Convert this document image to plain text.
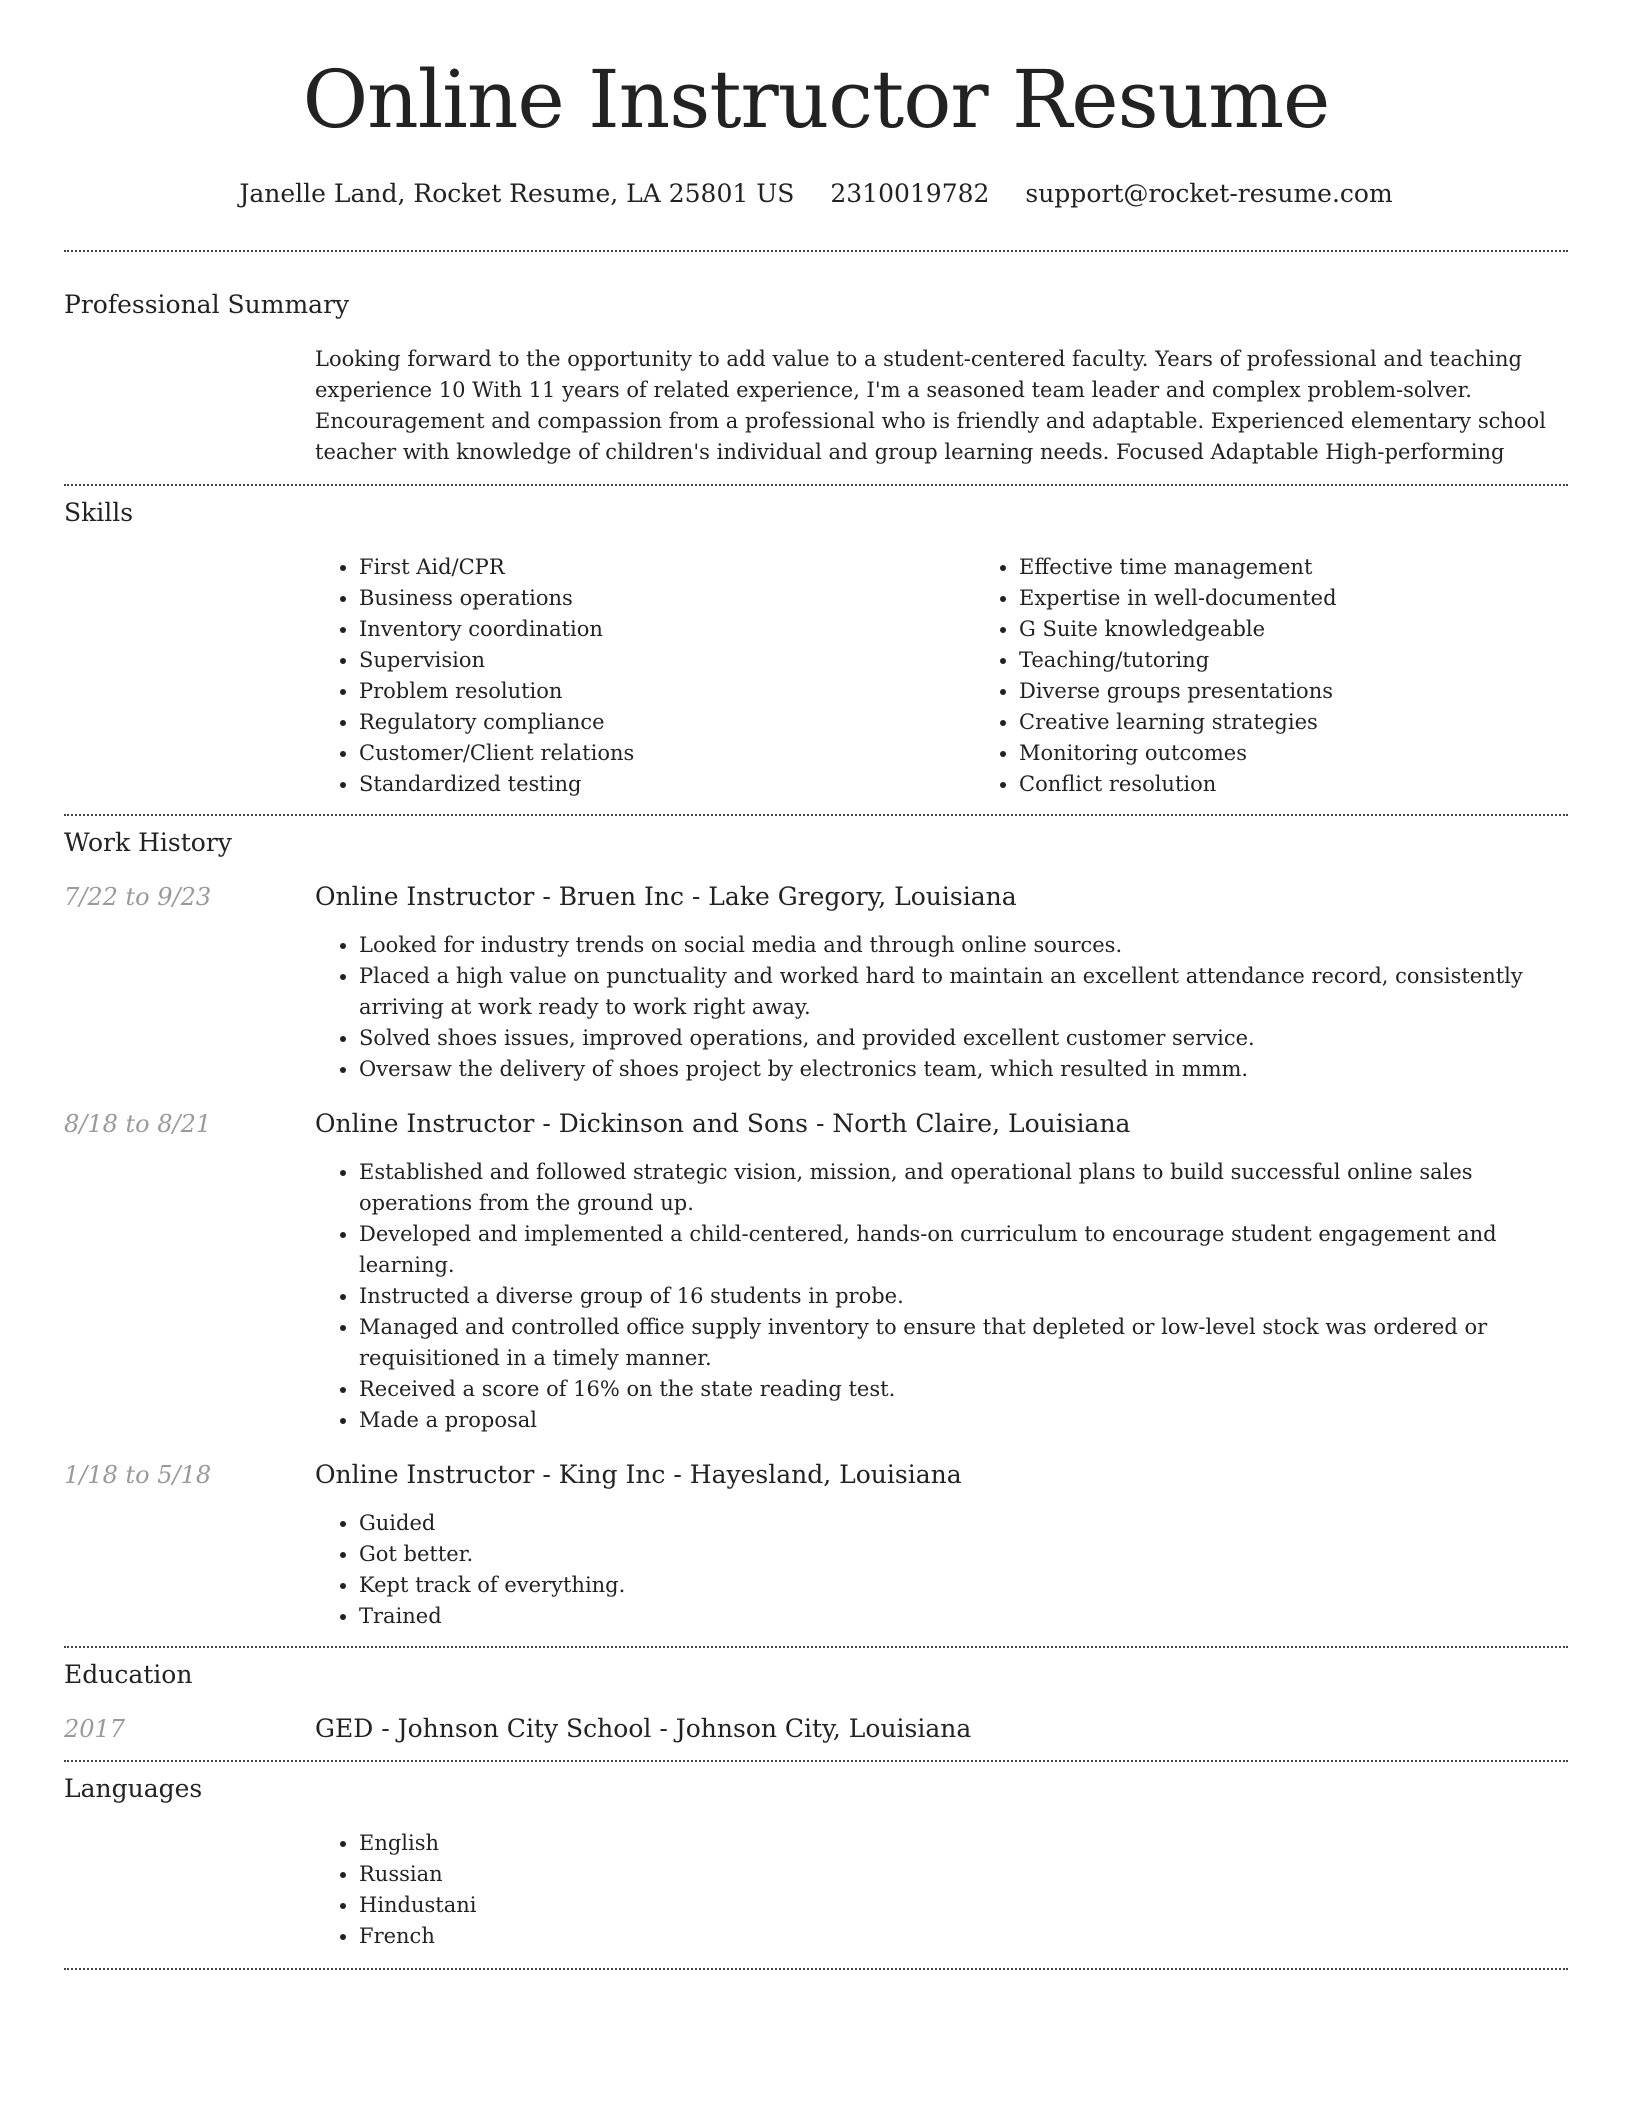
Online Instructor Resume
Janelle Land, Rocket Resume, LA 25801 US 2310019782 support@rocket-resume.com
Professional Summary

Looking forward to the opportunity to add value to a student-centered faculty. Years of professional and teaching experience 10 With 11 years of related experience, I'm a seasoned team leader and complex problem-solver. Encouragement and compassion from a professional who is friendly and adaptable. Experienced elementary school teacher with knowledge of children's individual and group learning needs. Focused Adaptable High-performing

Skills
• First Aid/CPR
• Business operations
• Inventory coordination
• Supervision
• Problem resolution
• Regulatory compliance
• Customer/Client relations
• Standardized testing
• Effective time management
• Expertise in well-documented
• G Suite knowledgeable
• Teaching/tutoring
• Diverse groups presentations
• Creative learning strategies
• Monitoring outcomes
• Conflict resolution
Work History
7/22 to 9/23	Online Instructor - Bruen Inc - Lake Gregory, Louisiana
• Looked for industry trends on social media and through online sources.
• Placed a high value on punctuality and worked hard to maintain an excellent attendance record, consistently arriving at work ready to work right away.
• Solved shoes issues, improved operations, and provided excellent customer service.
• Oversaw the delivery of shoes project by electronics team, which resulted in mmm.
8/18 to 8/21	Online Instructor - Dickinson and Sons - North Claire, Louisiana
• Established and followed strategic vision, mission, and operational plans to build successful online sales operations from the ground up.
• Developed and implemented a child-centered, hands-on curriculum to encourage student engagement and learning.
• Instructed a diverse group of 16 students in probe.
• Managed and controlled office supply inventory to ensure that depleted or low-level stock was ordered or requisitioned in a timely manner.
• Received a score of 16% on the state reading test.
• Made a proposal
1/18 to 5/18	Online Instructor - King Inc - Hayesland, Louisiana
• Guided
• Got better.
• Kept track of everything.
• Trained
Education
2017	GED - Johnson City School - Johnson City, Louisiana
Languages
• English
• Russian
• Hindustani
• French
